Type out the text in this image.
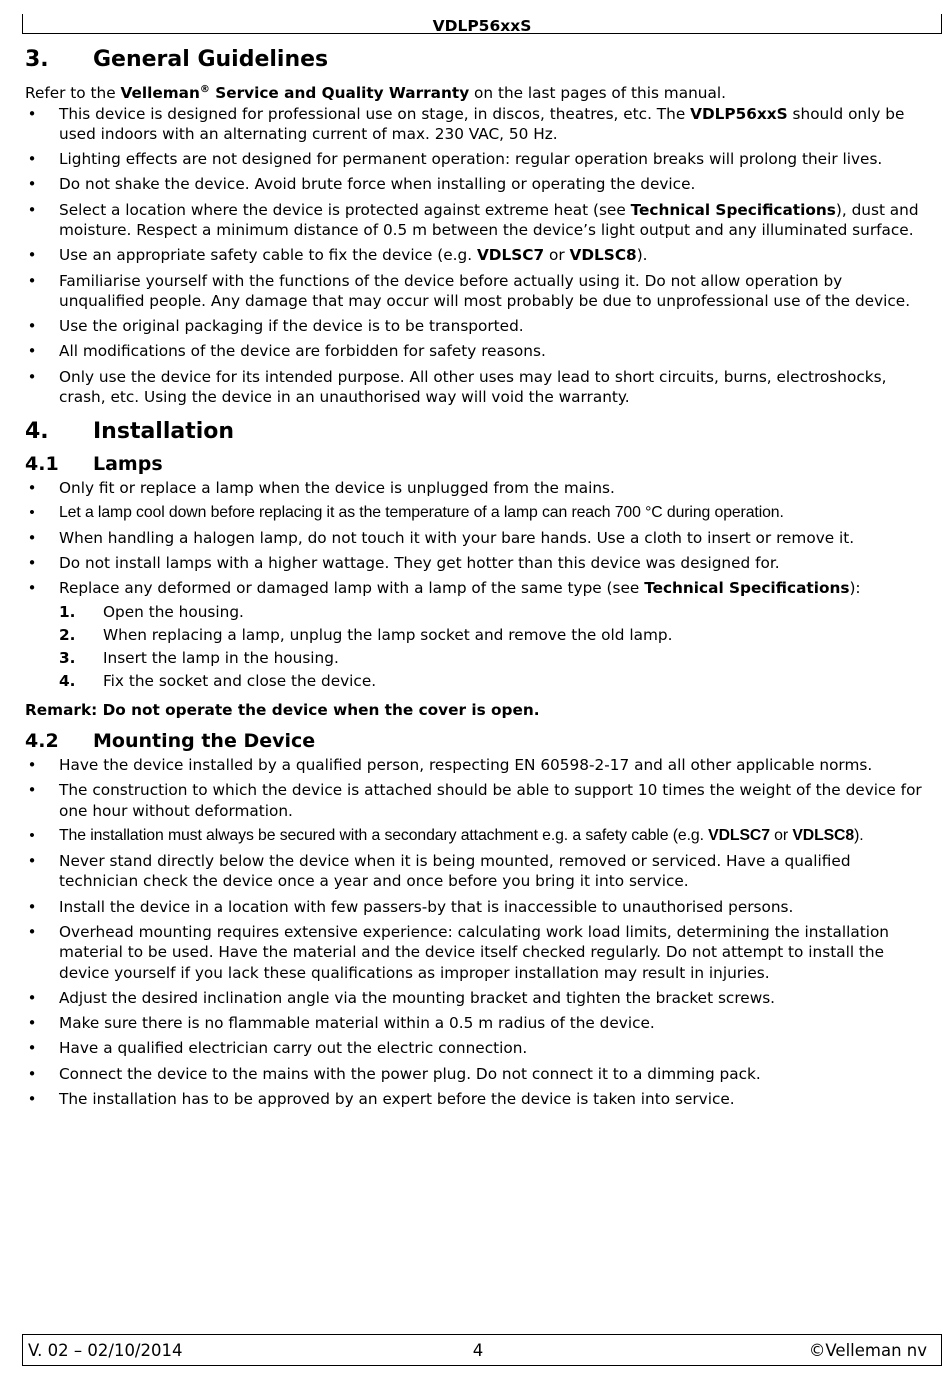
VDLP56xxS
3.	General Guidelines

Refer to the Velleman® Service and Quality Warranty on the last pages of this manual.

• This device is designed for professional use on stage, in discos, theatres, etc. The VDLP56xxS should only be used indoors with an alternating current of max. 230 VAC, 50 Hz.
• Lighting effects are not designed for permanent operation: regular operation breaks will prolong their lives.
• Do not shake the device. Avoid brute force when installing or operating the device.
• Select a location where the device is protected against extreme heat (see Technical Specifications), dust and moisture. Respect a minimum distance of 0.5 m between the device’s light output and any illuminated surface.
• Use an appropriate safety cable to fix the device (e.g. VDLSC7 or VDLSC8).
• Familiarise yourself with the functions of the device before actually using it. Do not allow operation by unqualified people. Any damage that may occur will most probably be due to unprofessional use of the device.
• Use the original packaging if the device is to be transported.
• All modifications of the device are forbidden for safety reasons.
• Only use the device for its intended purpose. All other uses may lead to short circuits, burns, electroshocks, crash, etc. Using the device in an unauthorised way will void the warranty.
4.	Installation
4.1	Lamps
• Only fit or replace a lamp when the device is unplugged from the mains.
• Let a lamp cool down before replacing it as the temperature of a lamp can reach 700 °C during operation.
• When handling a halogen lamp, do not touch it with your bare hands. Use a cloth to insert or remove it.
• Do not install lamps with a higher wattage. They get hotter than this device was designed for.
• Replace any deformed or damaged lamp with a lamp of the same type (see Technical Specifications):
1. Open the housing.
2. When replacing a lamp, unplug the lamp socket and remove the old lamp.
3. Insert the lamp in the housing.
4. Fix the socket and close the device.
Remark: Do not operate the device when the cover is open.
4.2	Mounting the Device
• Have the device installed by a qualified person, respecting EN 60598-2-17 and all other applicable norms.
• The construction to which the device is attached should be able to support 10 times the weight of the device for one hour without deformation.
• The installation must always be secured with a secondary attachment e.g. a safety cable (e.g. VDLSC7 or VDLSC8).
• Never stand directly below the device when it is being mounted, removed or serviced. Have a qualified technician check the device once a year and once before you bring it into service.
• Install the device in a location with few passers-by that is inaccessible to unauthorised persons.
• Overhead mounting requires extensive experience: calculating work load limits, determining the installation material to be used. Have the material and the device itself checked regularly. Do not attempt to install the device yourself if you lack these qualifications as improper installation may result in injuries.
• Adjust the desired inclination angle via the mounting bracket and tighten the bracket screws.
• Make sure there is no flammable material within a 0.5 m radius of the device.
• Have a qualified electrician carry out the electric connection.
• Connect the device to the mains with the power plug. Do not connect it to a dimming pack.
• The installation has to be approved by an expert before the device is taken into service.
V. 02 – 02/10/2014	4	©Velleman nv
